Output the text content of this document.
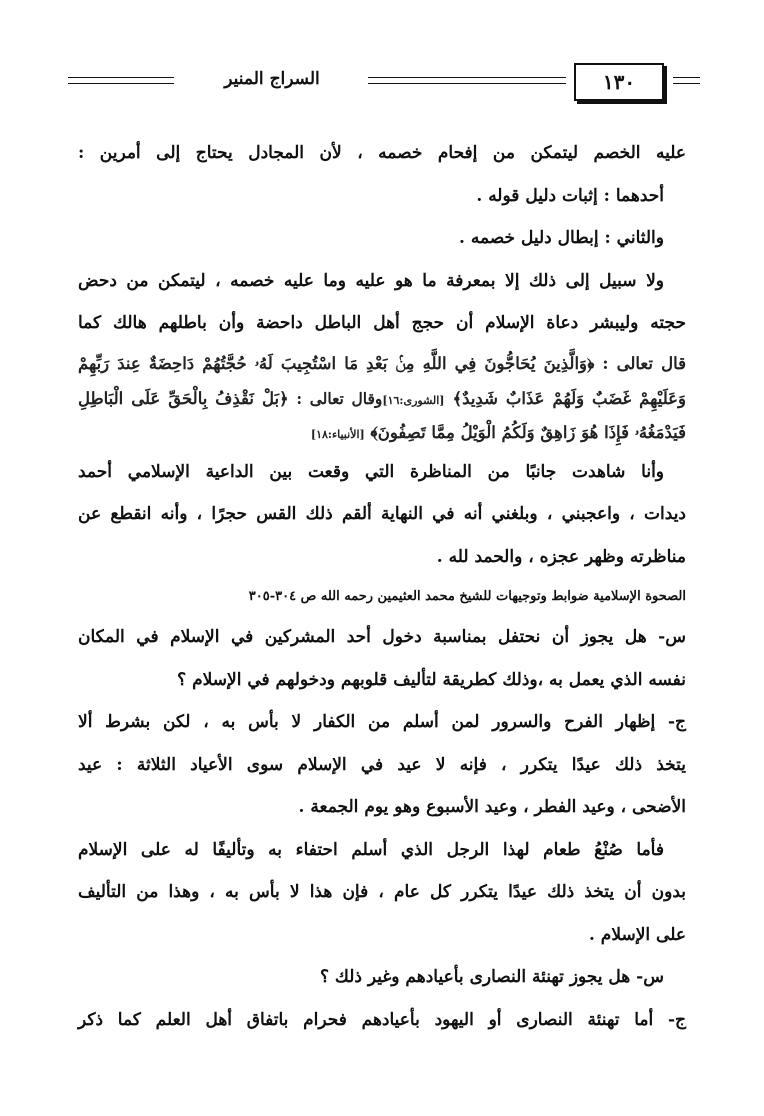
١٣٠
السراج المنير

عليه الخصم ليتمكن من إفحام خصمه ، لأن المجادل يحتاج إلى أمرين :

أحدهما : إثبات دليل قوله .

والثاني : إبطال دليل خصمه .

ولا سبيل إلى ذلك إلا بمعرفة ما هو عليه وما عليه خصمه ، ليتمكن من دحض

حجته وليبشر دعاة الإسلام أن حجج أهل الباطل داحضة وأن باطلهم هالك كما

قال تعالى : ﴿وَالَّذِينَ يُحَاجُّونَ فِي اللَّهِ مِنۢ بَعْدِ مَا اسْتُجِيبَ لَهُۥ حُجَّتُهُمْ دَاحِضَةٌ عِندَ رَبِّهِمْ

وَعَلَيْهِمْ غَضَبٌ وَلَهُمْ عَذَابٌ شَدِيدٌ﴾ [الشورى:١٦]وقال تعالى : ﴿بَلْ نَقْذِفُ بِالْحَقِّ عَلَى الْبَاطِلِ

فَيَدْمَغُهُۥ فَإِذَا هُوَ زَاهِقٌ وَلَكُمُ الْوَيْلُ مِمَّا تَصِفُونَ﴾ [الأنبياء:١٨]

وأنا شاهدت جانبًا من المناظرة التي وقعت بين الداعية الإسلامي أحمد

ديدات ، واعجبني ، وبلغني أنه في النهاية ألقم ذلك القس حجرًا ، وأنه انقطع عن

مناظرته وظهر عجزه ، والحمد لله .

الصحوة الإسلامية ضوابط وتوجيهات للشيخ محمد العثيمين رحمه الله ص ٣٠٤-٣٠٥

س- هل يجوز أن نحتفل بمناسبة دخول أحد المشركين في الإسلام في المكان

نفسه الذي يعمل به ،وذلك كطريقة لتأليف قلوبهم ودخولهم في الإسلام ؟

ج- إظهار الفرح والسرور لمن أسلم من الكفار لا بأس به ، لكن بشرط ألا

يتخذ ذلك عيدًا يتكرر ، فإنه لا عيد في الإسلام سوى الأعياد الثلاثة : عيد

الأضحى ، وعيد الفطر ، وعيد الأسبوع وهو يوم الجمعة .

فأما صُنْعُ طعام لهذا الرجل الذي أسلم احتفاء به وتأليفًا له على الإسلام

بدون أن يتخذ ذلك عيدًا يتكرر كل عام ، فإن هذا لا بأس به ، وهذا من التأليف

على الإسلام .

س- هل يجوز تهنئة النصارى بأعيادهم وغير ذلك ؟

ج- أما تهنئة النصارى أو اليهود بأعيادهم فحرام باتفاق أهل العلم كما ذكر
